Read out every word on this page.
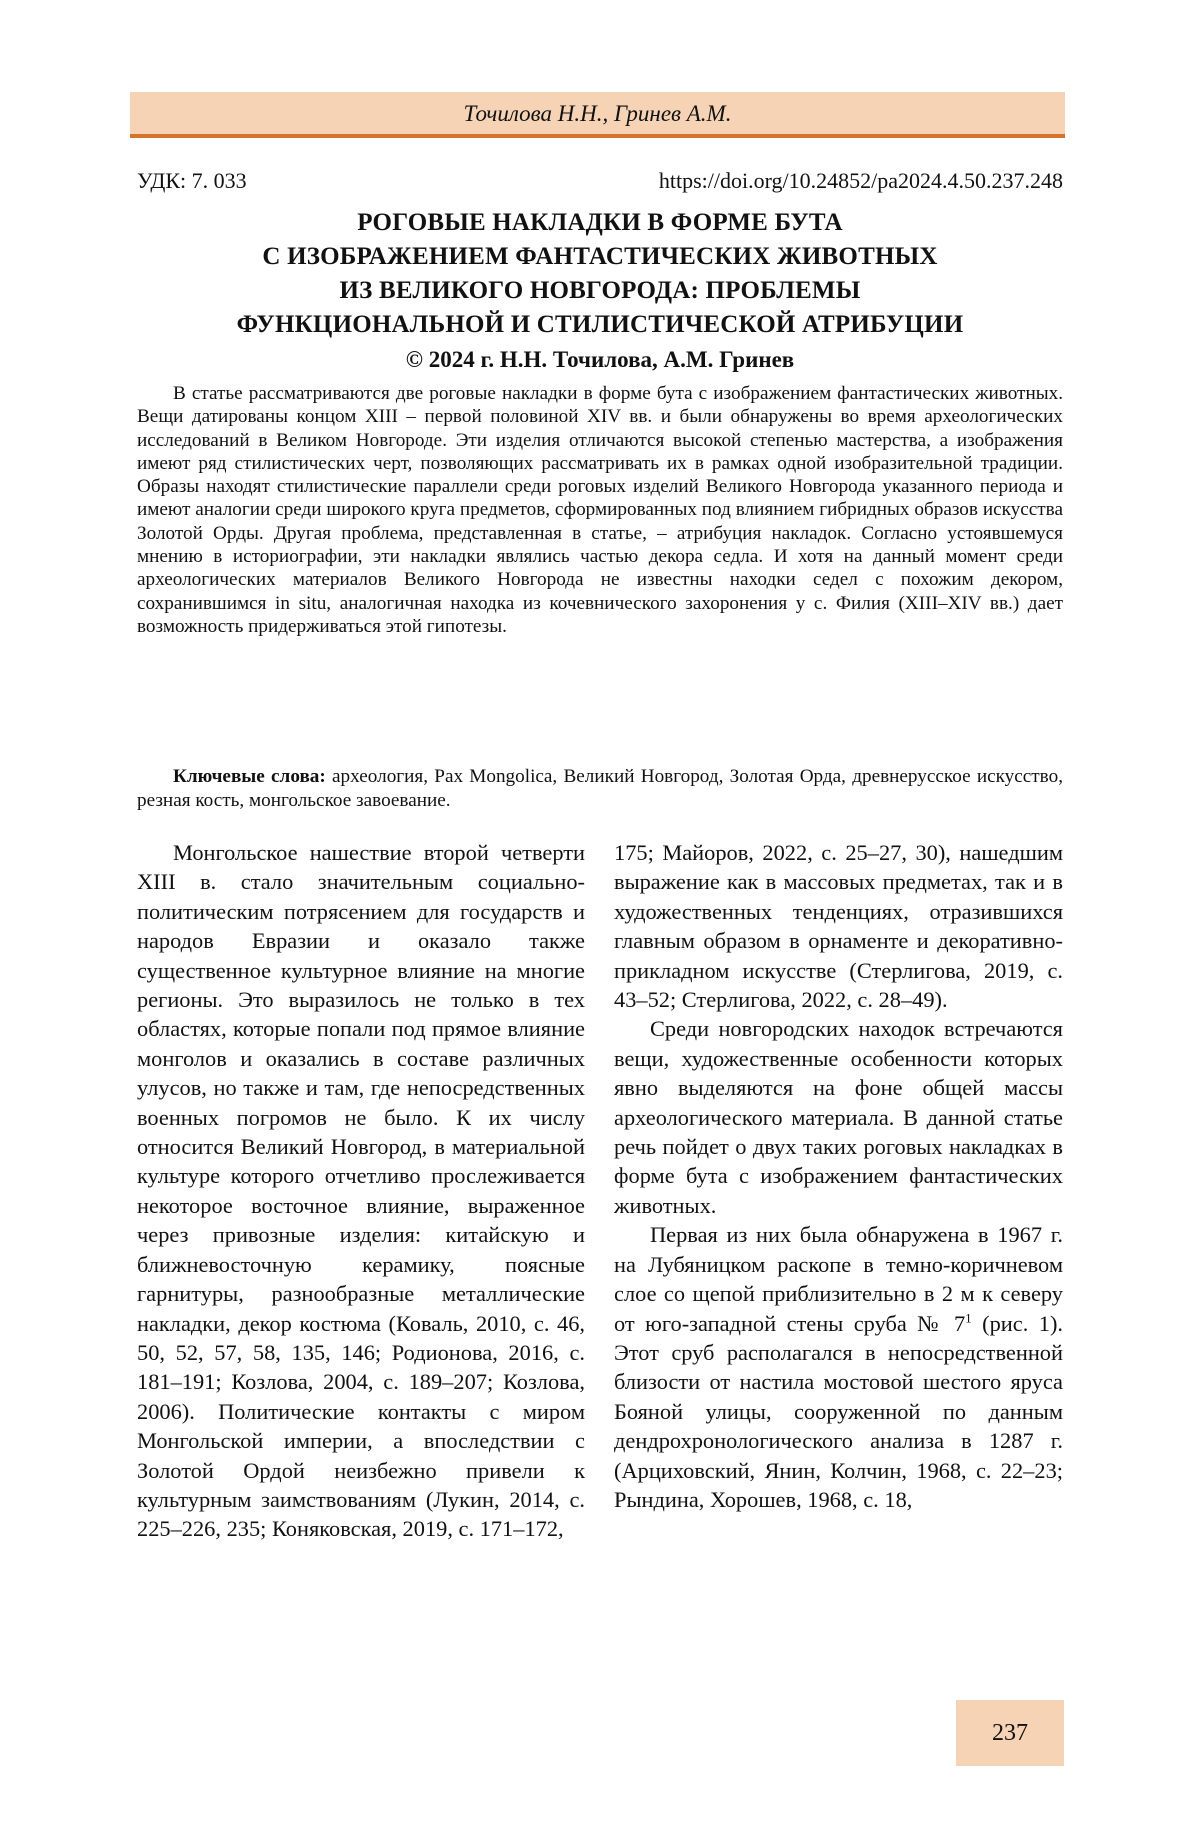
Точилова Н.Н., Гринев А.М.
УДК: 7. 033	https://doi.org/10.24852/pa2024.4.50.237.248
РОГОВЫЕ НАКЛАДКИ В ФОРМЕ БУТА
С ИЗОБРАЖЕНИЕМ ФАНТАСТИЧЕСКИХ ЖИВОТНЫХ
ИЗ ВЕЛИКОГО НОВГОРОДА: ПРОБЛЕМЫ
ФУНКЦИОНАЛЬНОЙ И СТИЛИСТИЧЕСКОЙ АТРИБУЦИИ
© 2024 г. Н.Н. Точилова, А.М. Гринев

В статье рассматриваются две роговые накладки в форме бута с изображением фантастических животных. Вещи датированы концом XIII – первой половиной XIV вв. и были обнаружены во время археологических исследований в Великом Новгороде. Эти изделия отличаются высокой степенью мастерства, а изображения имеют ряд стилистических черт, позволяющих рассматривать их в рамках одной изобразительной традиции. Образы находят стилистические параллели среди роговых изделий Великого Новгорода указанного периода и имеют аналогии среди широкого круга предметов, сформированных под влиянием гибридных образов искусства Золотой Орды. Другая проблема, представленная в статье, – атрибуция накладок. Согласно устоявшемуся мнению в историографии, эти накладки являлись частью декора седла. И хотя на данный момент среди археологических материалов Великого Новгорода не известны находки седел с похожим декором, сохранившимся in situ, аналогичная находка из кочевнического захоронения у с. Филия (XIII–XIV вв.) дает возможность придерживаться этой гипотезы.

Ключевые слова: археология, Pax Mongolica, Великий Новгород, Золотая Орда, древнерусское искусство, резная кость, монгольское завоевание.

Монгольское нашествие второй четверти XIII в. стало значительным социально-политическим потрясением для государств и народов Евразии и оказало также существенное культурное влияние на многие регионы. Это выразилось не только в тех областях, которые попали под прямое влияние монголов и оказались в составе различных улусов, но также и там, где непосредственных военных погромов не было. К их числу относится Великий Новгород, в материальной культуре которого отчетливо прослеживается некоторое восточное влияние, выраженное через привозные изделия: китайскую и ближневосточную керамику, поясные гарнитуры, разнообразные металлические накладки, декор костюма (Коваль, 2010, с. 46, 50, 52, 57, 58, 135, 146; Родионова, 2016, с. 181–191; Козлова, 2004, с. 189–207; Козлова, 2006). Политические контакты с миром Монгольской империи, а впоследствии с Золотой Ордой неизбежно привели к культурным заимствованиям (Лукин, 2014, с. 225–226, 235; Коняковская, 2019, с. 171–172,

175; Майоров, 2022, с. 25–27, 30), нашедшим выражение как в массовых предметах, так и в художественных тенденциях, отразившихся главным образом в орнаменте и декоративно-прикладном искусстве (Стерлигова, 2019, с. 43–52; Стерлигова, 2022, с. 28–49).

Среди новгородских находок встречаются вещи, художественные особенности которых явно выделяются на фоне общей массы археологического материала. В данной статье речь пойдет о двух таких роговых накладках в форме бута с изображением фантастических животных.

Первая из них была обнаружена в 1967 г. на Лубяницком раскопе в темно-коричневом слое со щепой приблизительно в 2 м к северу от юго-западной стены сруба № $7^1$ (рис. 1). Этот сруб располагался в непосредственной близости от настила мостовой шестого яруса Бояной улицы, сооруженной по данным дендрохронологического анализа в 1287 г. (Арциховский, Янин, Колчин, 1968, с. 22–23; Рындина, Хорошев, 1968, с. 18,

237
